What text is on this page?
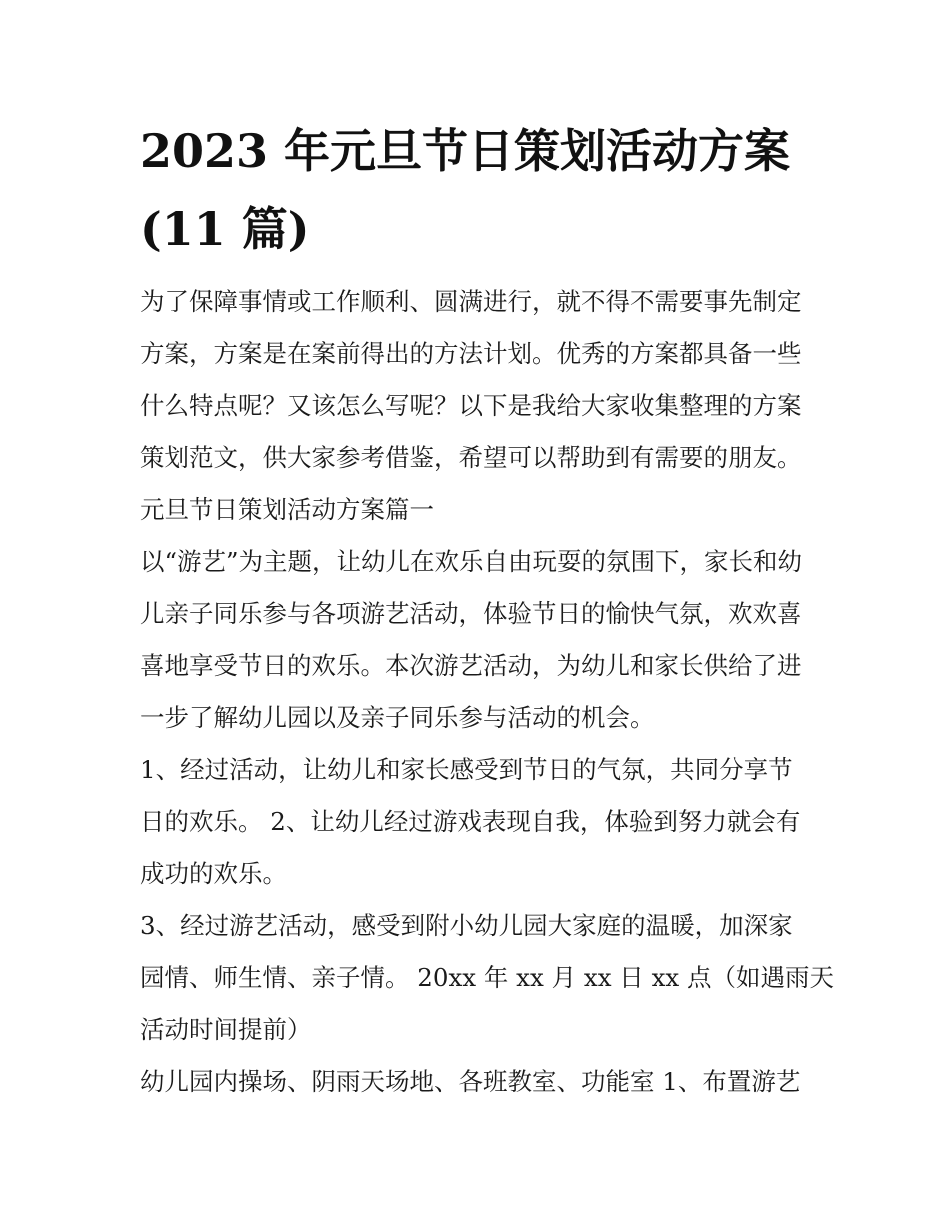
2023 年元旦节日策划活动方案
(11 篇)
为了保障事情或工作顺利、圆满进行，就不得不需要事先制定
方案，方案是在案前得出的方法计划。优秀的方案都具备一些
什么特点呢？又该怎么写呢？以下是我给大家收集整理的方案
策划范文，供大家参考借鉴，希望可以帮助到有需要的朋友。
元旦节日策划活动方案篇一
以“游艺”为主题，让幼儿在欢乐自由玩耍的氛围下，家长和幼
儿亲子同乐参与各项游艺活动，体验节日的愉快气氛，欢欢喜
喜地享受节日的欢乐。本次游艺活动，为幼儿和家长供给了进
一步了解幼儿园以及亲子同乐参与活动的机会。
1、经过活动，让幼儿和家长感受到节日的气氛，共同分享节
日的欢乐。 2、让幼儿经过游戏表现自我，体验到努力就会有
成功的欢乐。
3、经过游艺活动，感受到附小幼儿园大家庭的温暖，加深家
园情、师生情、亲子情。 20xx 年 xx 月 xx 日 xx 点（如遇雨天
活动时间提前）
幼儿园内操场、阴雨天场地、各班教室、功能室 1、布置游艺
